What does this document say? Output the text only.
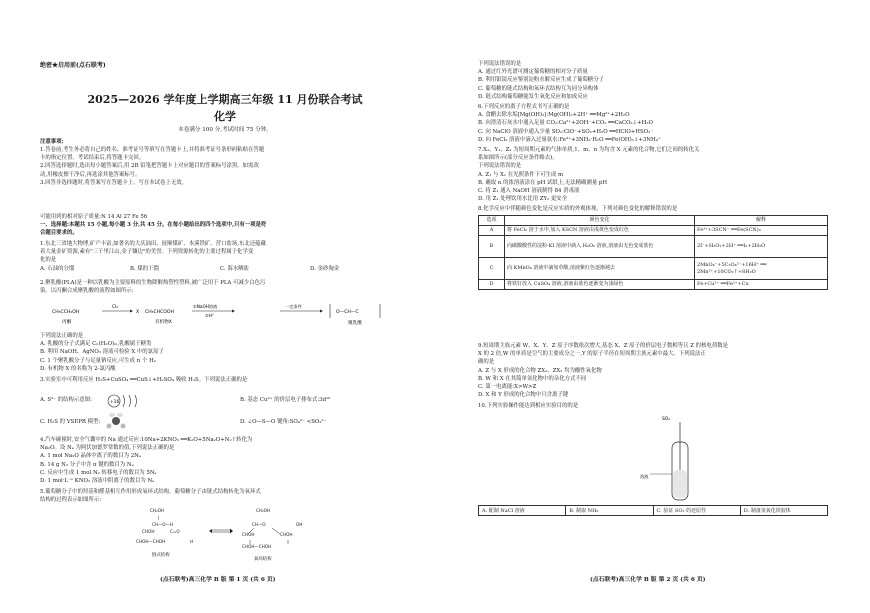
绝密★启用前(点石联考)
2025—2026 学年度上学期高三年级 11 月份联合考试
化学
本卷满分 100 分,考试时间 75 分钟。
注意事项:
1.答卷前,考生务必将自己的姓名、准考证号等填写在答题卡上,并将准考证号条形码粘贴在答题
卡的指定位置。考试结束后,将答题卡交回。
2.回答选择题时,选出每小题答案后,用 2B 铅笔把答题卡上对应题目的答案标号涂黑。如需改
动,用橡皮擦干净后,再选涂其他答案标号。
3.回答非选择题时,将答案写在答题卡上。写在本试卷上无效。
可能用到的相对原子质量:N 14 Al 27 Fe 56
一、选择题:本题共 15 小题,每小题 3 分,共 45 分。在每小题给出的四个选项中,只有一项是符
合题目要求的。
1.东北三省地大物博,矿产丰富,如著名的大庆油田、抚顺煤矿、本溪铁矿、营口盐场,东北还蕴藏
着大量金矿资源,素有"三千里江山,金子镶边"的美誉。下列资源转化的主要过程属于化学变
化的是
A. 石油的分馏	B. 煤的干馏	C. 海水晒盐	D. 金砂淘金
2.聚乳酸(PLA)是一种以乳酸为主要原料的生物降解热塑性塑料,被广泛用于 PLA 可减少白色污
染。以丙酮合成聚乳酸的流程如图所示:
CH₃CCH₂OH
丙酮
Cl₂
X CH₃CHCOOH
有机物X
①NaOH溶液
②H⁺
一定条件
O—CH—C
聚乳酸
下列说法正确的是
A. 乳酸的分子式满足 Cₙ(H₂O)ₘ,乳酸属于糖类
B. 利用 NaOH、AgNO₃ 溶液可检验 X 中的氯原子
C. 1 个聚乳酸分子与足量钠反应,可生成 n 个 H₂
D. 有机物 X 的名称为 2-氯丙酸
3.实验室中可利用反应 H₂S+CuSO₄ ══CuS↓+H₂SO₄ 吸收 H₂S。下列说法正确的是
A. S²⁻ 的结构示意图:	+16	B. 基态 Cu²⁺ 的价层电子排布式:3d¹⁰
C. H₂S 的 VSEPR 模型:	D. ∠O—S—O 键角:SO₄²⁻ <SO₃²⁻
4.汽车碰撞时,安全气囊中的 Na 通过反应:10Na+2KNO₃ ══K₂O+5Na₂O+N₂↑转化为
Na₂O。设 Nₐ 为阿伏加德罗常数的值,下列说法正确的是
A. 1 mol Na₂O 晶体中离子的数目为 2Nₐ
B. 14 g N₂ 分子中含 π 键的数目为 Nₐ
C. 反应中生成 1 mol N₂ 转移电子的数目为 5Nₐ
D. 1 mol·L⁻¹ KNO₃ 溶液中阴离子的数目为 Nₐ
5.葡萄糖分子中的羟基和醛基相互作用形成氧环式结构。葡萄糖分子由链式结构转化为氧环式
结构的过程表示如图所示:
CH₂OH
|
CH—O—H
CHOH	C=O
CHOH—CHOH	H
CH₂OH
CH—O
CHOH	CHOH
CHOH—CHOH
OH
链式结构
氧环结构
(点石联考)高三化学 B 版 第 1 页 (共 6 页)
下列说法错误的是
A. 通过红外光谱可测定葡萄糖的相对分子质量
B. 利用银镜反应鉴别淀粉水解反应生成了葡萄糖分子
C. 葡萄糖的链式结构和氧环式结构互为同分异构体
D. 链式结构葡萄糖能发生氧化反应和加成反应
6.下列反应的离子方程式书写正确的是
A. 食醋去除水垢[Mg(OH)₂]:Mg(OH)₂+2H⁺ ══Mg²⁺+2H₂O
B. 向澄清石灰水中通入足量 CO₂:Ca²⁺+2OH⁻+CO₂ ══CaCO₃↓+H₂O
C. 向 NaClO 溶液中通入少量 SO₂:ClO⁻+SO₂+H₂O ══HClO+HSO₃⁻
D. 向 FeCl₃ 溶液中滴入过量氨水:Fe³⁺+3NH₃·H₂O ══Fe(OH)₃↓+3NH₄⁺
7.X₁、Y₁、Z₁ 为短周期元素的气体单质,1、m、n 为均含 X 元素的化合物,它们之间的转化关
系如图所示(部分反应条件略去)。
下列说法错误的是
A. Z₁ 与 X₁ 在光照条件下可生成 m
B. 蘸取 n 的浓溶液涂在 pH 试纸上,无法精确测量 pH
C. 将 Z₁ 通入 NaOH 溶液制得 84 消毒液
D. 用 Z₁ 处理饮用水比用 ZY₂ 更安全
8.化学反应中伴随颜色变化是反应实质的外观体现。下列对颜色变化的解释错误的是
选项	颜色变化	解释
A	将 FeCl₂ 溶于水中,加入 KSCN 溶液由浅黄色变成红色	Fe³⁺+3SCN⁻ ══Fe(SCN)₃
B	向碳酸酸性的淀粉-KI 溶液中滴入 H₂O₂ 溶液,溶液由无色变成蓝色	2I⁻+H₂O₂+2H⁺ ══I₂+2H₂O
C	向 KMnO₄ 溶液中滴加草酸,溶液紫红色逐渐褪去	2MnO₄⁻+5C₂O₄²⁻+16H⁺ ══ 2Mn²⁺+10CO₂↑+8H₂O
D	将铁钉放入 CuSO₄ 溶液,溶液由蓝色逐渐变为浅绿色	Fe+Cu²⁺ ══Fe²⁺+Cu
9.短周期主族元素 W、X、Y、Z 原子序数依次增大,基态 X、Z 原子的价层电子数相等且 Z 的核电荷数是
X 的 2 倍,W 的单质是空气的主要成分之一,Y 的原子半径在短周期主族元素中最大。下列说法正
确的是
A. Z 与 X 形成的化合物 ZX₂、ZX₃ 均为酸性氧化物
B. W 和 X 在其简单氢化物中的杂化方式不同
C. 第一电离能:X>W>Z
D. X 和 Y 形成的化合物中只含离子键
10.下列实验操作能达到相应实验目的的是
SO₂
溶液
A. 配制 NaCl 溶液	B. 制取 NH₃	C. 验证 SO₂ 的还原性	D. 制备氢氧化铁胶体
(点石联考)高三化学 B 版 第 2 页 (共 6 页)
